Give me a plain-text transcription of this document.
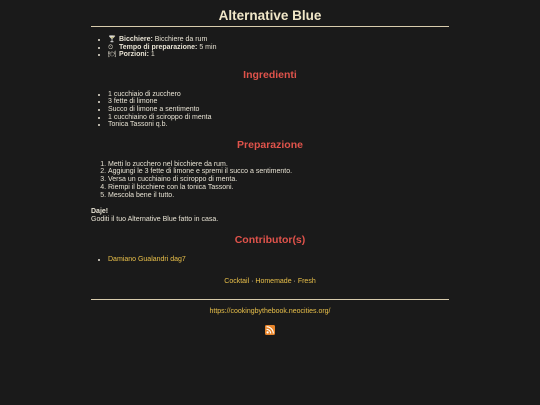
Alternative Blue
• 🍸 Bicchiere: Bicchiere da rum
• ⏲ Tempo di preparazione: 5 min
• 🍽 Porzioni: 1
Ingredienti
• 1 cucchiaio di zucchero
• 3 fette di limone
• Succo di limone a sentimento
• 1 cucchiaino di sciroppo di menta
• Tonica Tassoni q.b.
Preparazione
1. Metti lo zucchero nel bicchiere da rum.
2. Aggiungi le 3 fette di limone e spremi il succo a sentimento.
3. Versa un cucchiaino di sciroppo di menta.
4. Riempi il bicchiere con la tonica Tassoni.
5. Mescola bene il tutto.
Daje!
Goditi il tuo Alternative Blue fatto in casa.
Contributor(s)
• Damiano Gualandri dag7
Cocktail · Homemade · Fresh
https://cookingbythebook.neocities.org/
